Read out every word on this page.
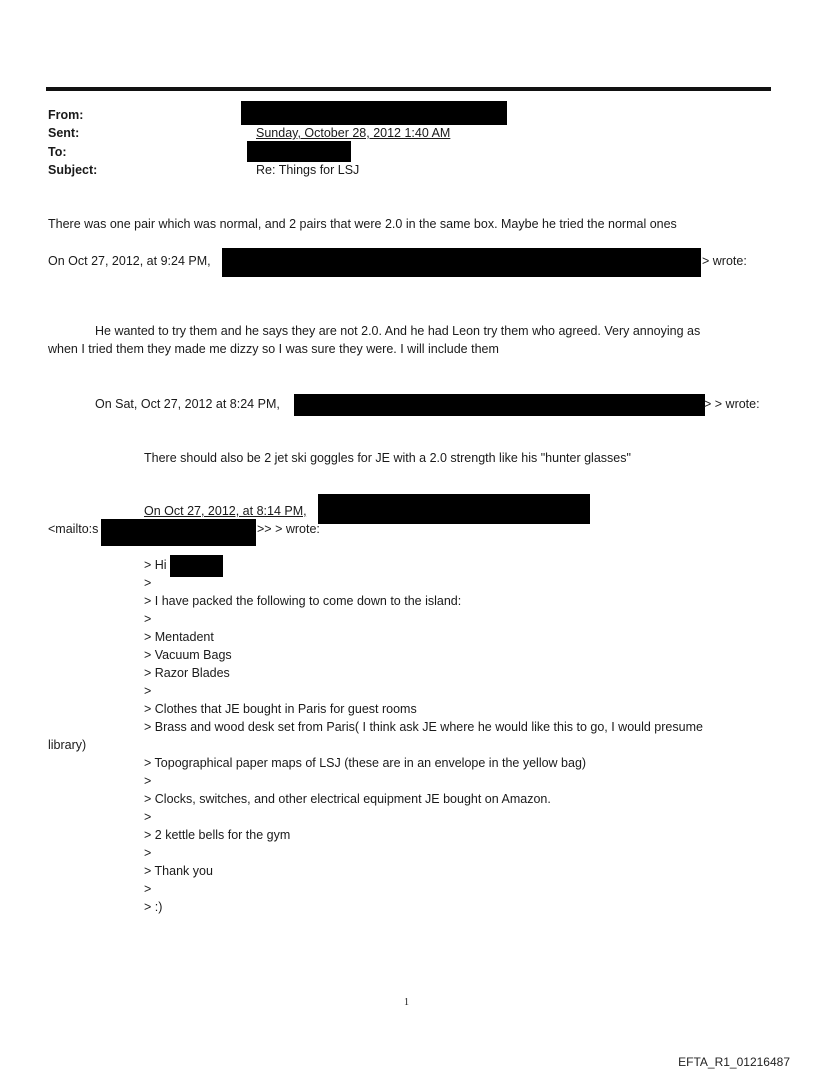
From:
Sent:	Sunday, October 28, 2012 1:40 AM
To:
Subject:	Re: Things for LSJ
There was one pair which was normal, and 2 pairs that were 2.0 in the same box. Maybe he tried the normal ones
On Oct 27, 2012, at 9:24 PM,	> wrote:
He wanted to try them and he says they are not 2.0. And he had Leon try them who agreed. Very annoying as
when I tried them they made me dizzy so I was sure they were. I will include them
On Sat, Oct 27, 2012 at 8:24 PM,	> > wrote:
There should also be 2 jet ski goggles for JE with a 2.0 strength like his "hunter glasses"
On Oct 27, 2012, at 8:14 PM,
<mailto:s	>> > wrote:
> Hi
>
> I have packed the following to come down to the island:
>
> Mentadent
> Vacuum Bags
> Razor Blades
>
> Clothes that JE bought in Paris for guest rooms
> Brass and wood desk set from Paris( I think ask JE where he would like this to go, I would presume
library)
> Topographical paper maps of LSJ (these are in an envelope in the yellow bag)
>
> Clocks, switches, and other electrical equipment JE bought on Amazon.
>
> 2 kettle bells for the gym
>
> Thank you
>
> :)
1
EFTA_R1_01216487
